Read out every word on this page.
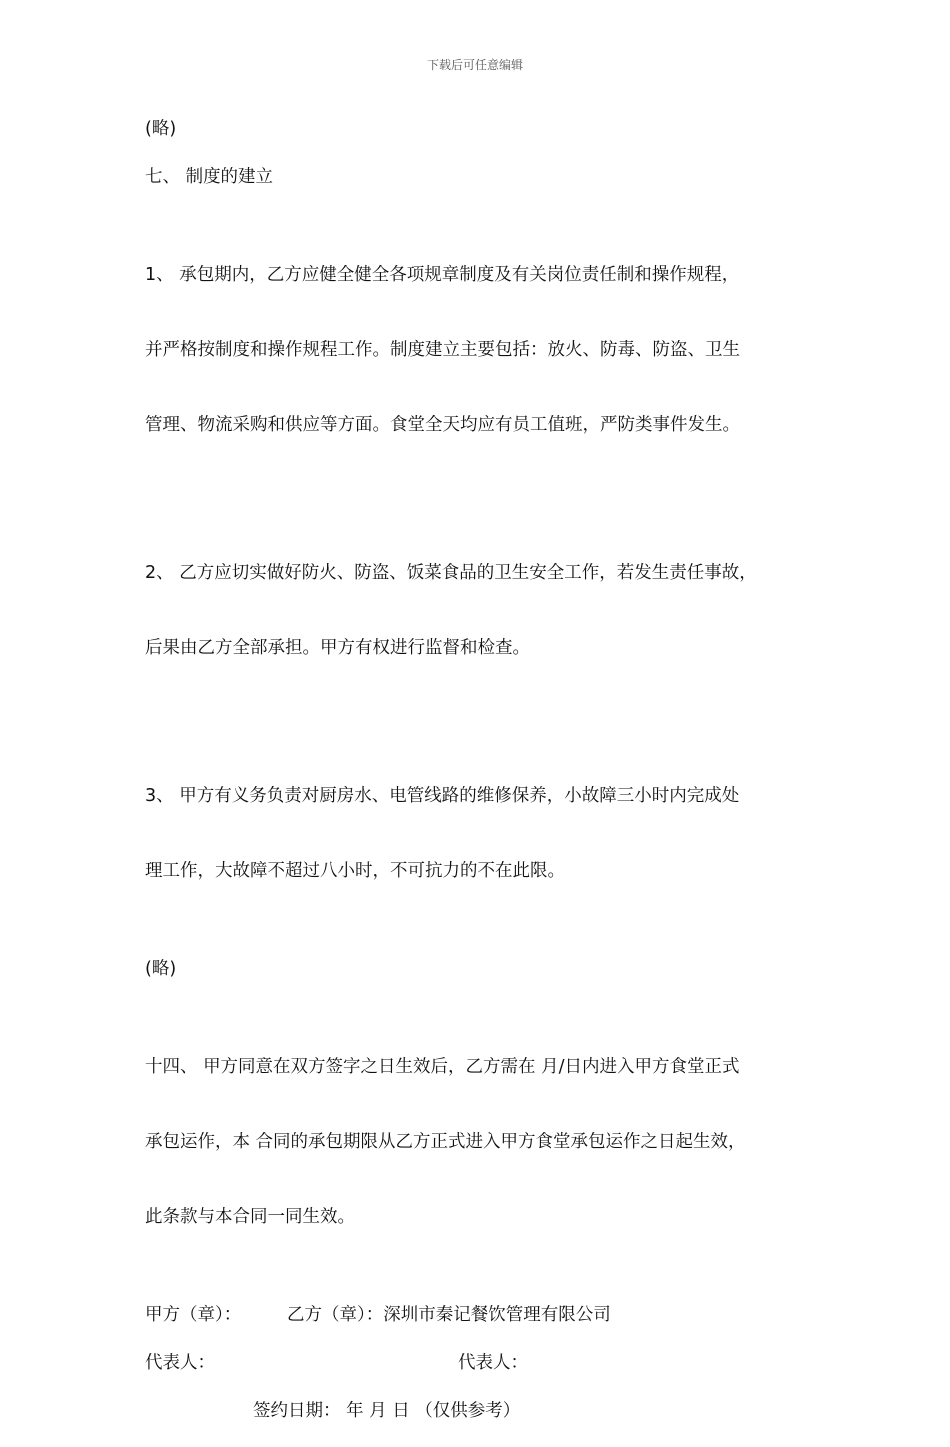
下载后可任意编辑

(略)

七、 制度的建立

1、 承包期内，乙方应健全健全各项规章制度及有关岗位责任制和操作规程，

并严格按制度和操作规程工作。制度建立主要包括：放火、防毒、防盗、卫生

管理、物流采购和供应等方面。食堂全天均应有员工值班，严防类事件发生。

2、 乙方应切实做好防火、防盗、饭菜食品的卫生安全工作，若发生责任事故，

后果由乙方全部承担。甲方有权进行监督和检查。

3、 甲方有义务负责对厨房水、电管线路的维修保养，小故障三小时内完成处

理工作，大故障不超过八小时，不可抗力的不在此限。

(略)

十四、 甲方同意在双方签字之日生效后，乙方需在 月/日内进入甲方食堂正式

承包运作，本 合同的承包期限从乙方正式进入甲方食堂承包运作之日起生效，

此条款与本合同一同生效。

甲方（章）：	乙方（章）：深圳市秦记餐饮管理有限公司
代表人：	代表人：
签约日期： 年 月 日 （仅供参考）
